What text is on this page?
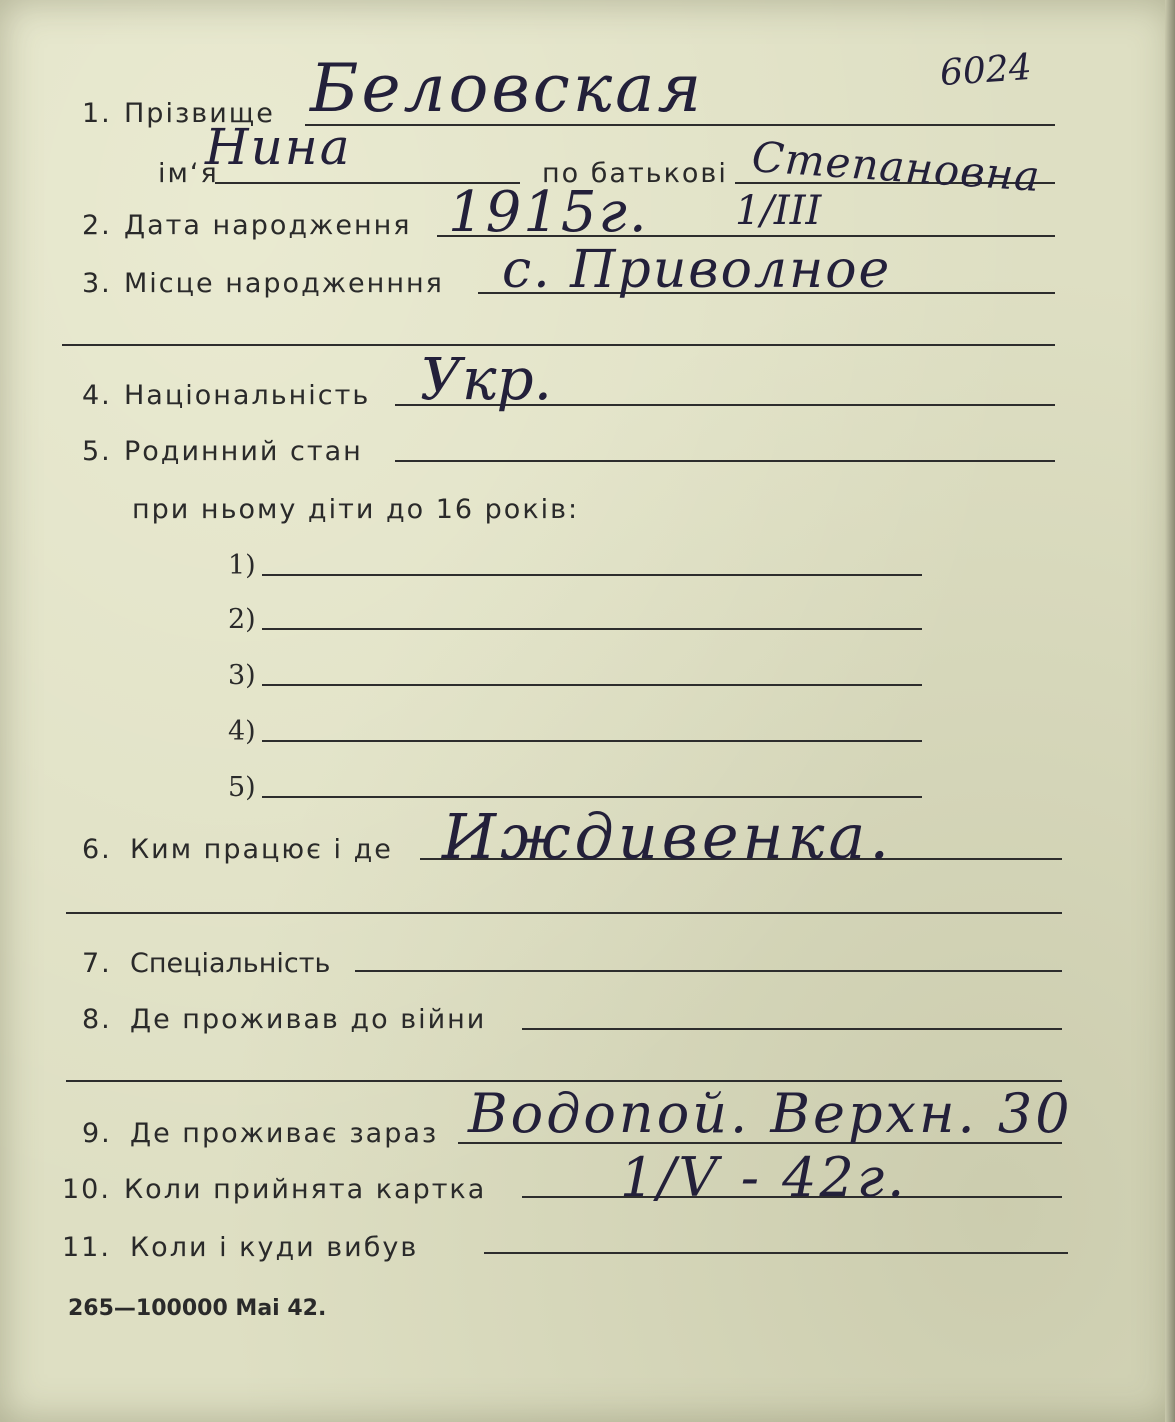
1. Прізвище Беловская	6024
ім‘я
Нина	по батькові Степановна
2. Дата народження 1915г. 1/III
3. Місце народженння с. Приволное
4. Національність Укр.
5. Родинний стан
при ньому діти до 16 років:
1)
2)
3)
4)
5)
6. Ким працює і де Иждивенка.
7. Спеціальність
8. Де проживав до війни
9. Де проживає зараз Водопой. Верхн. 30
10. Коли прийнята картка 1/V - 42г.
11. Коли і куди вибув
265—100000 Mai 42.
